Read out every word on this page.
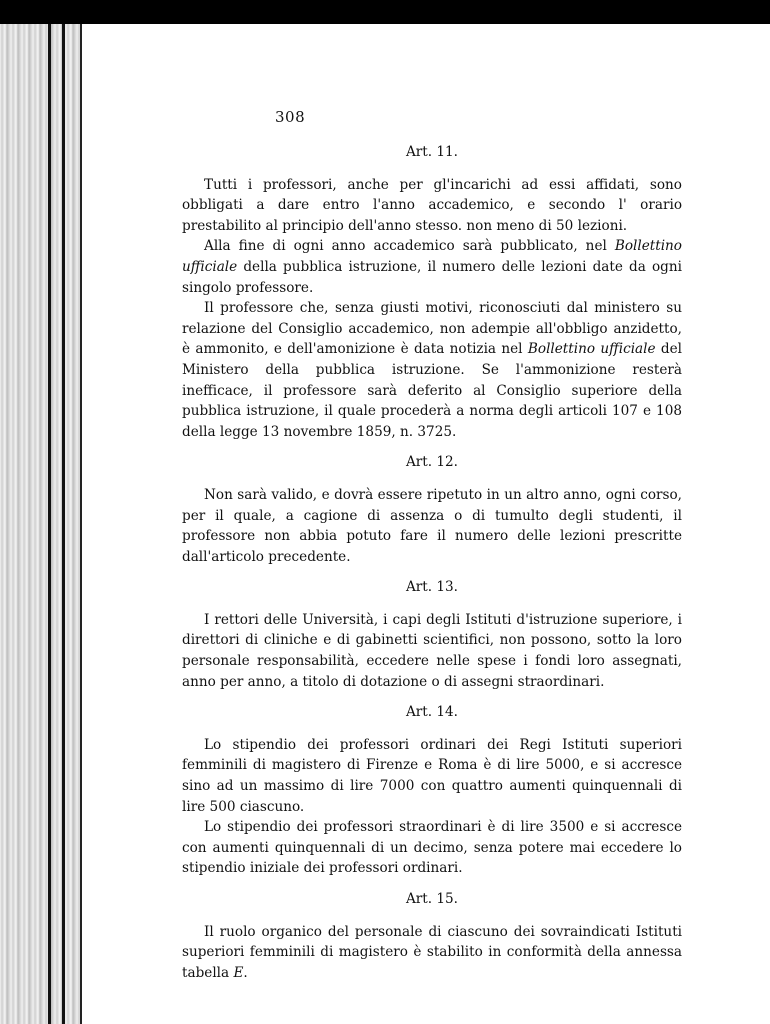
308
Art. 11.

Tutti i professori, anche per gl'incarichi ad essi affidati, sono obbligati a dare entro l'anno accademico, e secondo l' orario prestabilito al principio dell'anno stesso. non meno di 50 lezioni.

Alla fine di ogni anno accademico sarà pubblicato, nel Bollettino ufficiale della pubblica istruzione, il numero delle lezioni date da ogni singolo professore.

Il professore che, senza giusti motivi, riconosciuti dal ministero su relazione del Consiglio accademico, non adempie all'obbligo anzidetto, è ammonito, e dell'amonizione è data notizia nel Bollettino ufficiale del Ministero della pubblica istruzione. Se l'ammonizione resterà inefficace, il professore sarà deferito al Consiglio superiore della pubblica istruzione, il quale procederà a norma degli articoli 107 e 108 della legge 13 novembre 1859, n. 3725.

Art. 12.

Non sarà valido, e dovrà essere ripetuto in un altro anno, ogni corso, per il quale, a cagione di assenza o di tumulto degli studenti, il professore non abbia potuto fare il numero delle lezioni prescritte dall'articolo precedente.

Art. 13.

I rettori delle Università, i capi degli Istituti d'istruzione superiore, i direttori di cliniche e di gabinetti scientifici, non possono, sotto la loro personale responsabilità, eccedere nelle spese i fondi loro assegnati, anno per anno, a titolo di dotazione o di assegni straordinari.

Art. 14.

Lo stipendio dei professori ordinari dei Regi Istituti superiori femminili di magistero di Firenze e Roma è di lire 5000, e si accresce sino ad un massimo di lire 7000 con quattro aumenti quinquennali di lire 500 ciascuno.

Lo stipendio dei professori straordinari è di lire 3500 e si accresce con aumenti quinquennali di un decimo, senza potere mai eccedere lo stipendio iniziale dei professori ordinari.

Art. 15.

Il ruolo organico del personale di ciascuno dei sovraindicati Istituti superiori femminili di magistero è stabilito in conformità della annessa tabella E.
